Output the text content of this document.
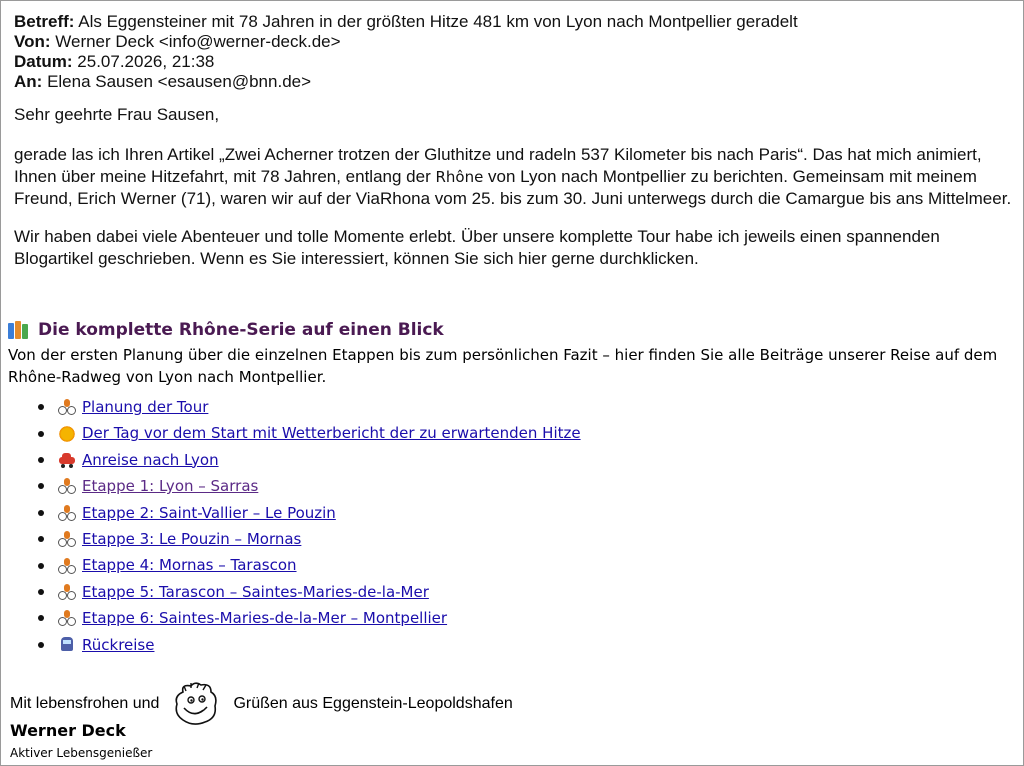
Betreff: Als Eggensteiner mit 78 Jahren in der größten Hitze 481 km von Lyon nach Montpellier geradelt
Von: Werner Deck <info@werner-deck.de>
Datum: 25.07.2026, 21:38
An: Elena Sausen <esausen@bnn.de>

Sehr geehrte Frau Sausen,

gerade las ich Ihren Artikel „Zwei Acherner trotzen der Gluthitze und radeln 537 Kilometer bis nach Paris“. Das hat mich animiert, Ihnen über meine Hitzefahrt, mit 78 Jahren, entlang der Rhône von Lyon nach Montpellier zu berichten. Gemeinsam mit meinem Freund, Erich Werner (71), waren wir auf der ViaRhona vom 25. bis zum 30. Juni unterwegs durch die Camargue bis ans Mittelmeer.

Wir haben dabei viele Abenteuer und tolle Momente erlebt. Über unsere komplette Tour habe ich jeweils einen spannenden Blogartikel geschrieben. Wenn es Sie interessiert, können Sie sich hier gerne durchklicken.

Die komplette Rhône-Serie auf einen Blick
Von der ersten Planung über die einzelnen Etappen bis zum persönlichen Fazit – hier finden Sie alle Beiträge unserer Reise auf dem Rhône-Radweg von Lyon nach Montpellier.
Planung der Tour
Der Tag vor dem Start mit Wetterbericht der zu erwartenden Hitze
Anreise nach Lyon
Etappe 1: Lyon – Sarras
Etappe 2: Saint-Vallier – Le Pouzin
Etappe 3: Le Pouzin – Mornas
Etappe 4: Mornas – Tarascon
Etappe 5: Tarascon – Saintes-Maries-de-la-Mer
Etappe 6: Saintes-Maries-de-la-Mer – Montpellier
Rückreise
Mit lebensfrohen und	Grüßen aus Eggenstein-Leopoldshafen
Werner Deck
Aktiver Lebensgenießer
